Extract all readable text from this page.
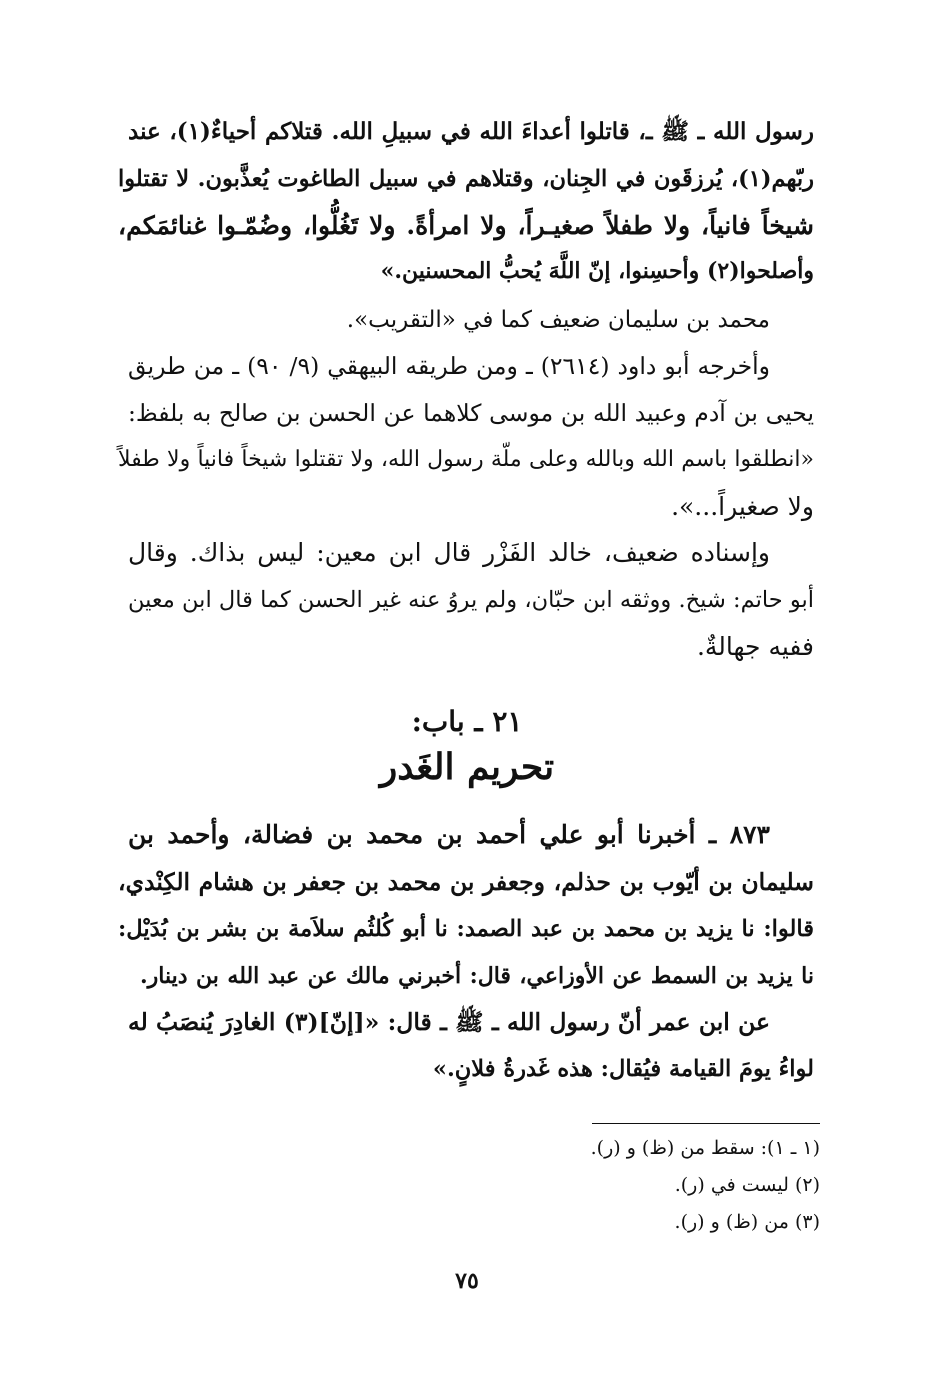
رسول الله ـ ﷺ ـ، قاتلوا أعداءَ الله في سبيلِ الله. قتلاكم أحياءٌ(١)، عند
ربّهم(١)، يُرزقَون في الجِنان، وقتلاهم في سبيل الطاغوت يُعذَّبون. لا تقتلوا
شيخاً فانياً، ولا طفلاً صغيـراً، ولا امرأةً. ولا تَغُلُّوا، وضُمّـوا غنائمَكم،
وأصلحوا(٢) وأحسِنوا، إنّ اللَّهَ يُحبُّ المحسنين.»
محمد بن سليمان ضعيف كما في «التقريب».
وأخرجه أبو داود (٢٦١٤) ـ ومن طريقه البيهقي (٩/ ٩٠) ـ من طريق
يحيى بن آدم وعبيد الله بن موسى كلاهما عن الحسن بن صالح به بلفظ:
«انطلقوا باسم الله وبالله وعلى ملّة رسول الله، ولا تقتلوا شيخاً فانياً ولا طفلاً
ولا صغيراً...».
وإسناده ضعيف، خالد الفَزْر قال ابن معين: ليس بذاك. وقال
أبو حاتم: شيخ. ووثقه ابن حبّان، ولم يروُ عنه غير الحسن كما قال ابن معين
ففيه جهالةٌ.
٢١ ـ باب:
تحريم الغَدر
٨٧٣ ـ أخبرنا أبو علي أحمد بن محمد بن فضالة، وأحمد بن
سليمان بن أيّوب بن حذلم، وجعفر بن محمد بن جعفر بن هشام الكِنْدي،
قالوا: نا يزيد بن محمد بن عبد الصمد: نا أبو كُلثُم سلاَمة بن بشر بن بُدَيْل:
نا يزيد بن السمط عن الأوزاعي، قال: أخبرني مالك عن عبد الله بن دينار.
عن ابن عمر أنّ رسول الله ـ ﷺ ـ قال: «[إنّ](٣) الغادِرَ يُنصَبُ له
لواءُ يومَ القيامة فيُقال: هذه غَدرةُ فلانٍ.»
(١ ـ ١): سقط من (ظ) و (ر).
(٢) ليست في (ر).
(٣) من (ظ) و (ر).
٧٥
